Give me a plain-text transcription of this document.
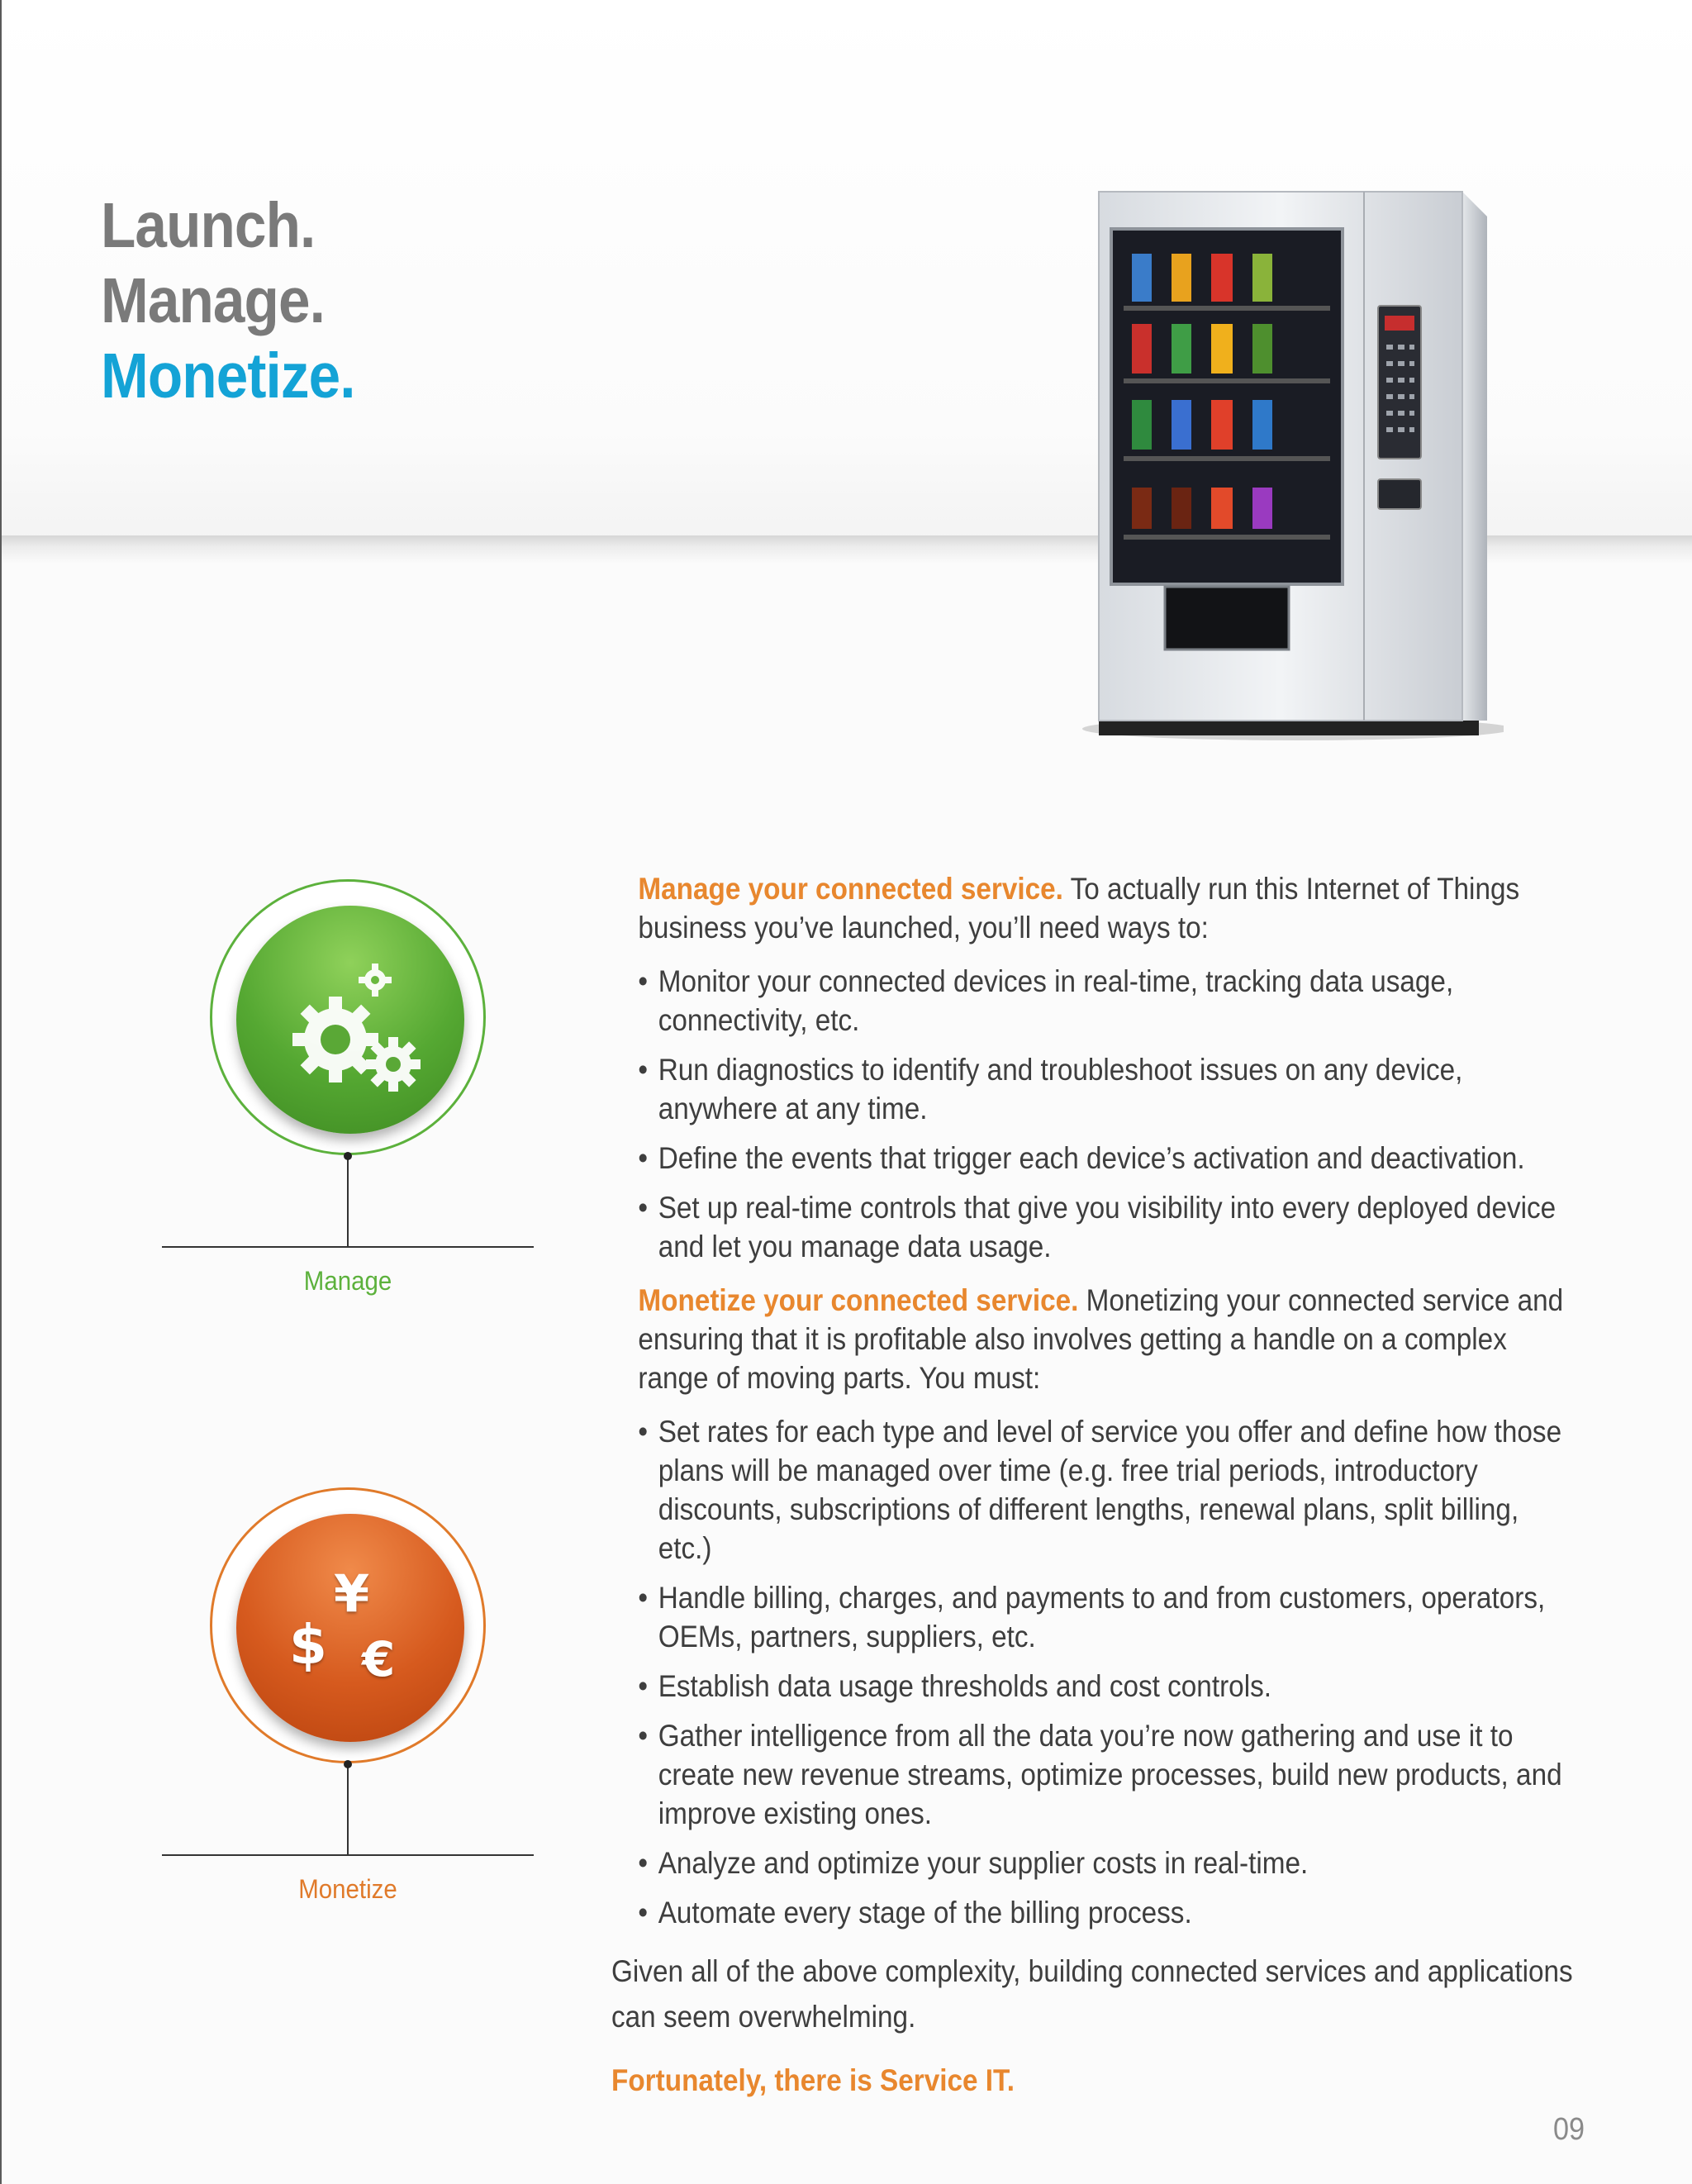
Launch.
Manage.
Monetize.
Manage
¥
$ €
Monetize

Manage your connected service. To actually run this Internet of Things business you’ve launched, you’ll need ways to:

• Monitor your connected devices in real-time, tracking data usage, connectivity, etc.
• Run diagnostics to identify and troubleshoot issues on any device, anywhere at any time.
• Define the events that trigger each device’s activation and deactivation.
• Set up real-time controls that give you visibility into every deployed device and let you manage data usage.

Monetize your connected service. Monetizing your connected service and ensuring that it is profitable also involves getting a handle on a complex range of moving parts. You must:

• Set rates for each type and level of service you offer and define how those plans will be managed over time (e.g. free trial periods, introductory discounts, subscriptions of different lengths, renewal plans, split billing, etc.)
• Handle billing, charges, and payments to and from customers, operators, OEMs, partners, suppliers, etc.
• Establish data usage thresholds and cost controls.
• Gather intelligence from all the data you’re now gathering and use it to create new revenue streams, optimize processes, build new products, and improve existing ones.
• Analyze and optimize your supplier costs in real-time.
• Automate every stage of the billing process.

Given all of the above complexity, building connected services and applications can seem overwhelming.

Fortunately, there is Service IT.

09
